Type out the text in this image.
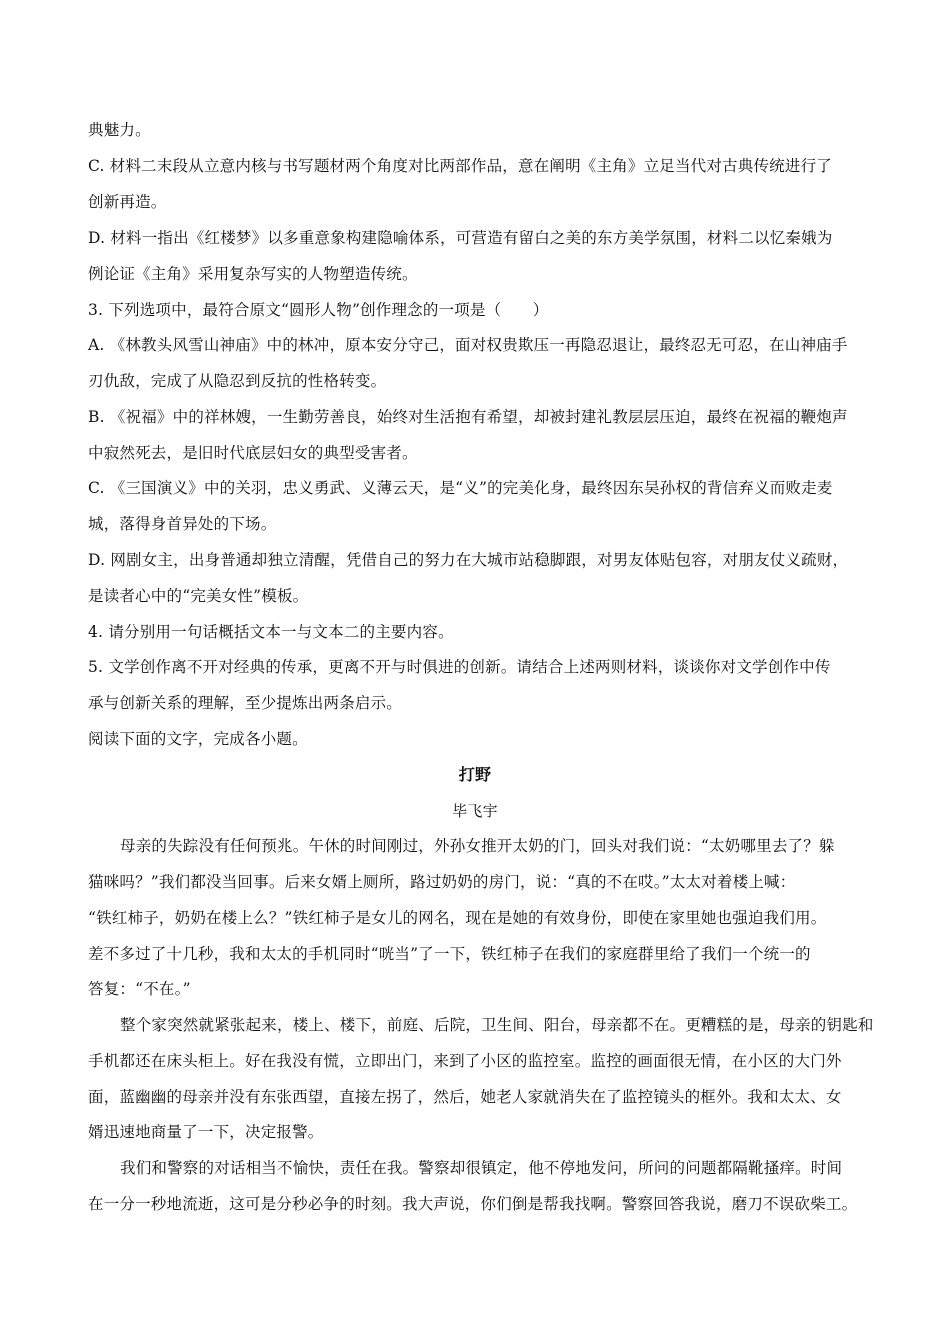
典魅力。
C. 材料二末段从立意内核与书写题材两个角度对比两部作品，意在阐明《主角》立足当代对古典传统进行了
创新再造。
D. 材料一指出《红楼梦》以多重意象构建隐喻体系，可营造有留白之美的东方美学氛围，材料二以忆秦娥为
例论证《主角》采用复杂写实的人物塑造传统。
3. 下列选项中，最符合原文“圆形人物”创作理念的一项是（　　）
A. 《林教头风雪山神庙》中的林冲，原本安分守己，面对权贵欺压一再隐忍退让，最终忍无可忍，在山神庙手
刃仇敌，完成了从隐忍到反抗的性格转变。
B. 《祝福》中的祥林嫂，一生勤劳善良，始终对生活抱有希望，却被封建礼教层层压迫，最终在祝福的鞭炮声
中寂然死去，是旧时代底层妇女的典型受害者。
C. 《三国演义》中的关羽，忠义勇武、义薄云天，是“义”的完美化身，最终因东吴孙权的背信弃义而败走麦
城，落得身首异处的下场。
D. 网剧女主，出身普通却独立清醒，凭借自己的努力在大城市站稳脚跟，对男友体贴包容，对朋友仗义疏财，
是读者心中的“完美女性”模板。
4. 请分别用一句话概括文本一与文本二的主要内容。
5. 文学创作离不开对经典的传承，更离不开与时俱进的创新。请结合上述两则材料，谈谈你对文学创作中传
承与创新关系的理解，至少提炼出两条启示。
阅读下面的文字，完成各小题。
打野
毕飞宇
母亲的失踪没有任何预兆。午休的时间刚过，外孙女推开太奶的门，回头对我们说：“太奶哪里去了？躲
猫咪吗？”我们都没当回事。后来女婿上厕所，路过奶奶的房门，说：“真的不在哎。”太太对着楼上喊：
“铁红柿子，奶奶在楼上么？”铁红柿子是女儿的网名，现在是她的有效身份，即使在家里她也强迫我们用。
差不多过了十几秒，我和太太的手机同时“咣当”了一下，铁红柿子在我们的家庭群里给了我们一个统一的
答复：“不在。”
整个家突然就紧张起来，楼上、楼下，前庭、后院，卫生间、阳台，母亲都不在。更糟糕的是，母亲的钥匙和
手机都还在床头柜上。好在我没有慌，立即出门，来到了小区的监控室。监控的画面很无情，在小区的大门外
面，蓝幽幽的母亲并没有东张西望，直接左拐了，然后，她老人家就消失在了监控镜头的框外。我和太太、女
婿迅速地商量了一下，决定报警。
我们和警察的对话相当不愉快，责任在我。警察却很镇定，他不停地发问，所问的问题都隔靴搔痒。时间
在一分一秒地流逝，这可是分秒必争的时刻。我大声说，你们倒是帮我找啊。警察回答我说，磨刀不误砍柴工。
